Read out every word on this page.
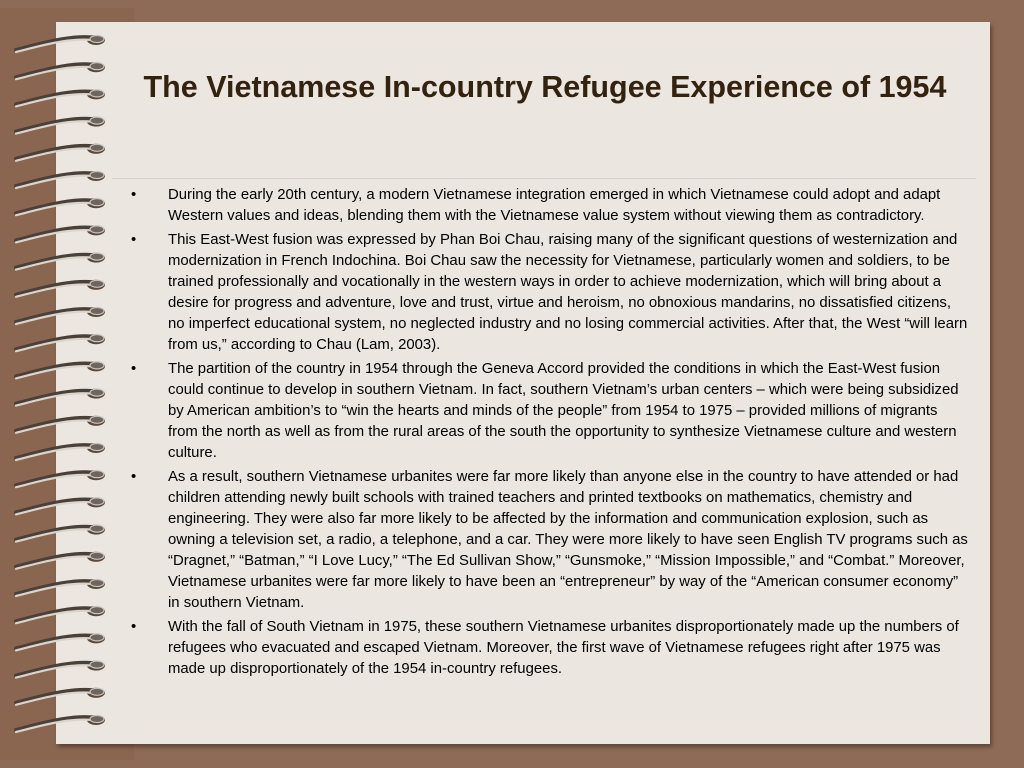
The Vietnamese In-country Refugee Experience of 1954
•	During the early 20th century, a modern Vietnamese integration emerged in which Vietnamese could adopt and adapt Western values and ideas, blending them with the Vietnamese value system without viewing them as contradictory.
•	This East-West fusion was expressed by Phan Boi Chau, raising many of the significant questions of westernization and modernization in French Indochina. Boi Chau saw the necessity for Vietnamese, particularly women and soldiers, to be trained professionally and vocationally in the western ways in order to achieve modernization, which will bring about a desire for progress and adventure, love and trust, virtue and heroism, no obnoxious mandarins, no dissatisfied citizens, no imperfect educational system, no neglected industry and no losing commercial activities. After that, the West “will learn from us,” according to Chau (Lam, 2003).
•	The partition of the country in 1954 through the Geneva Accord provided the conditions in which the East-West fusion could continue to develop in southern Vietnam. In fact, southern Vietnam’s urban centers – which were being subsidized by American ambition’s to “win the hearts and minds of the people” from 1954 to 1975 – provided millions of migrants from the north as well as from the rural areas of the south the opportunity to synthesize Vietnamese culture and western culture.
•	As a result, southern Vietnamese urbanites were far more likely than anyone else in the country to have attended or had children attending newly built schools with trained teachers and printed textbooks on mathematics, chemistry and engineering. They were also far more likely to be affected by the information and communication explosion, such as owning a television set, a radio, a telephone, and a car. They were more likely to have seen English TV programs such as “Dragnet,” “Batman,” “I Love Lucy,” “The Ed Sullivan Show,” “Gunsmoke,” “Mission Impossible,” and “Combat.” Moreover, Vietnamese urbanites were far more likely to have been an “entrepreneur” by way of the “American consumer economy” in southern Vietnam.
•	With the fall of South Vietnam in 1975, these southern Vietnamese urbanites disproportionately made up the numbers of refugees who evacuated and escaped Vietnam. Moreover, the first wave of Vietnamese refugees right after 1975 was made up disproportionately of the 1954 in-country refugees.
